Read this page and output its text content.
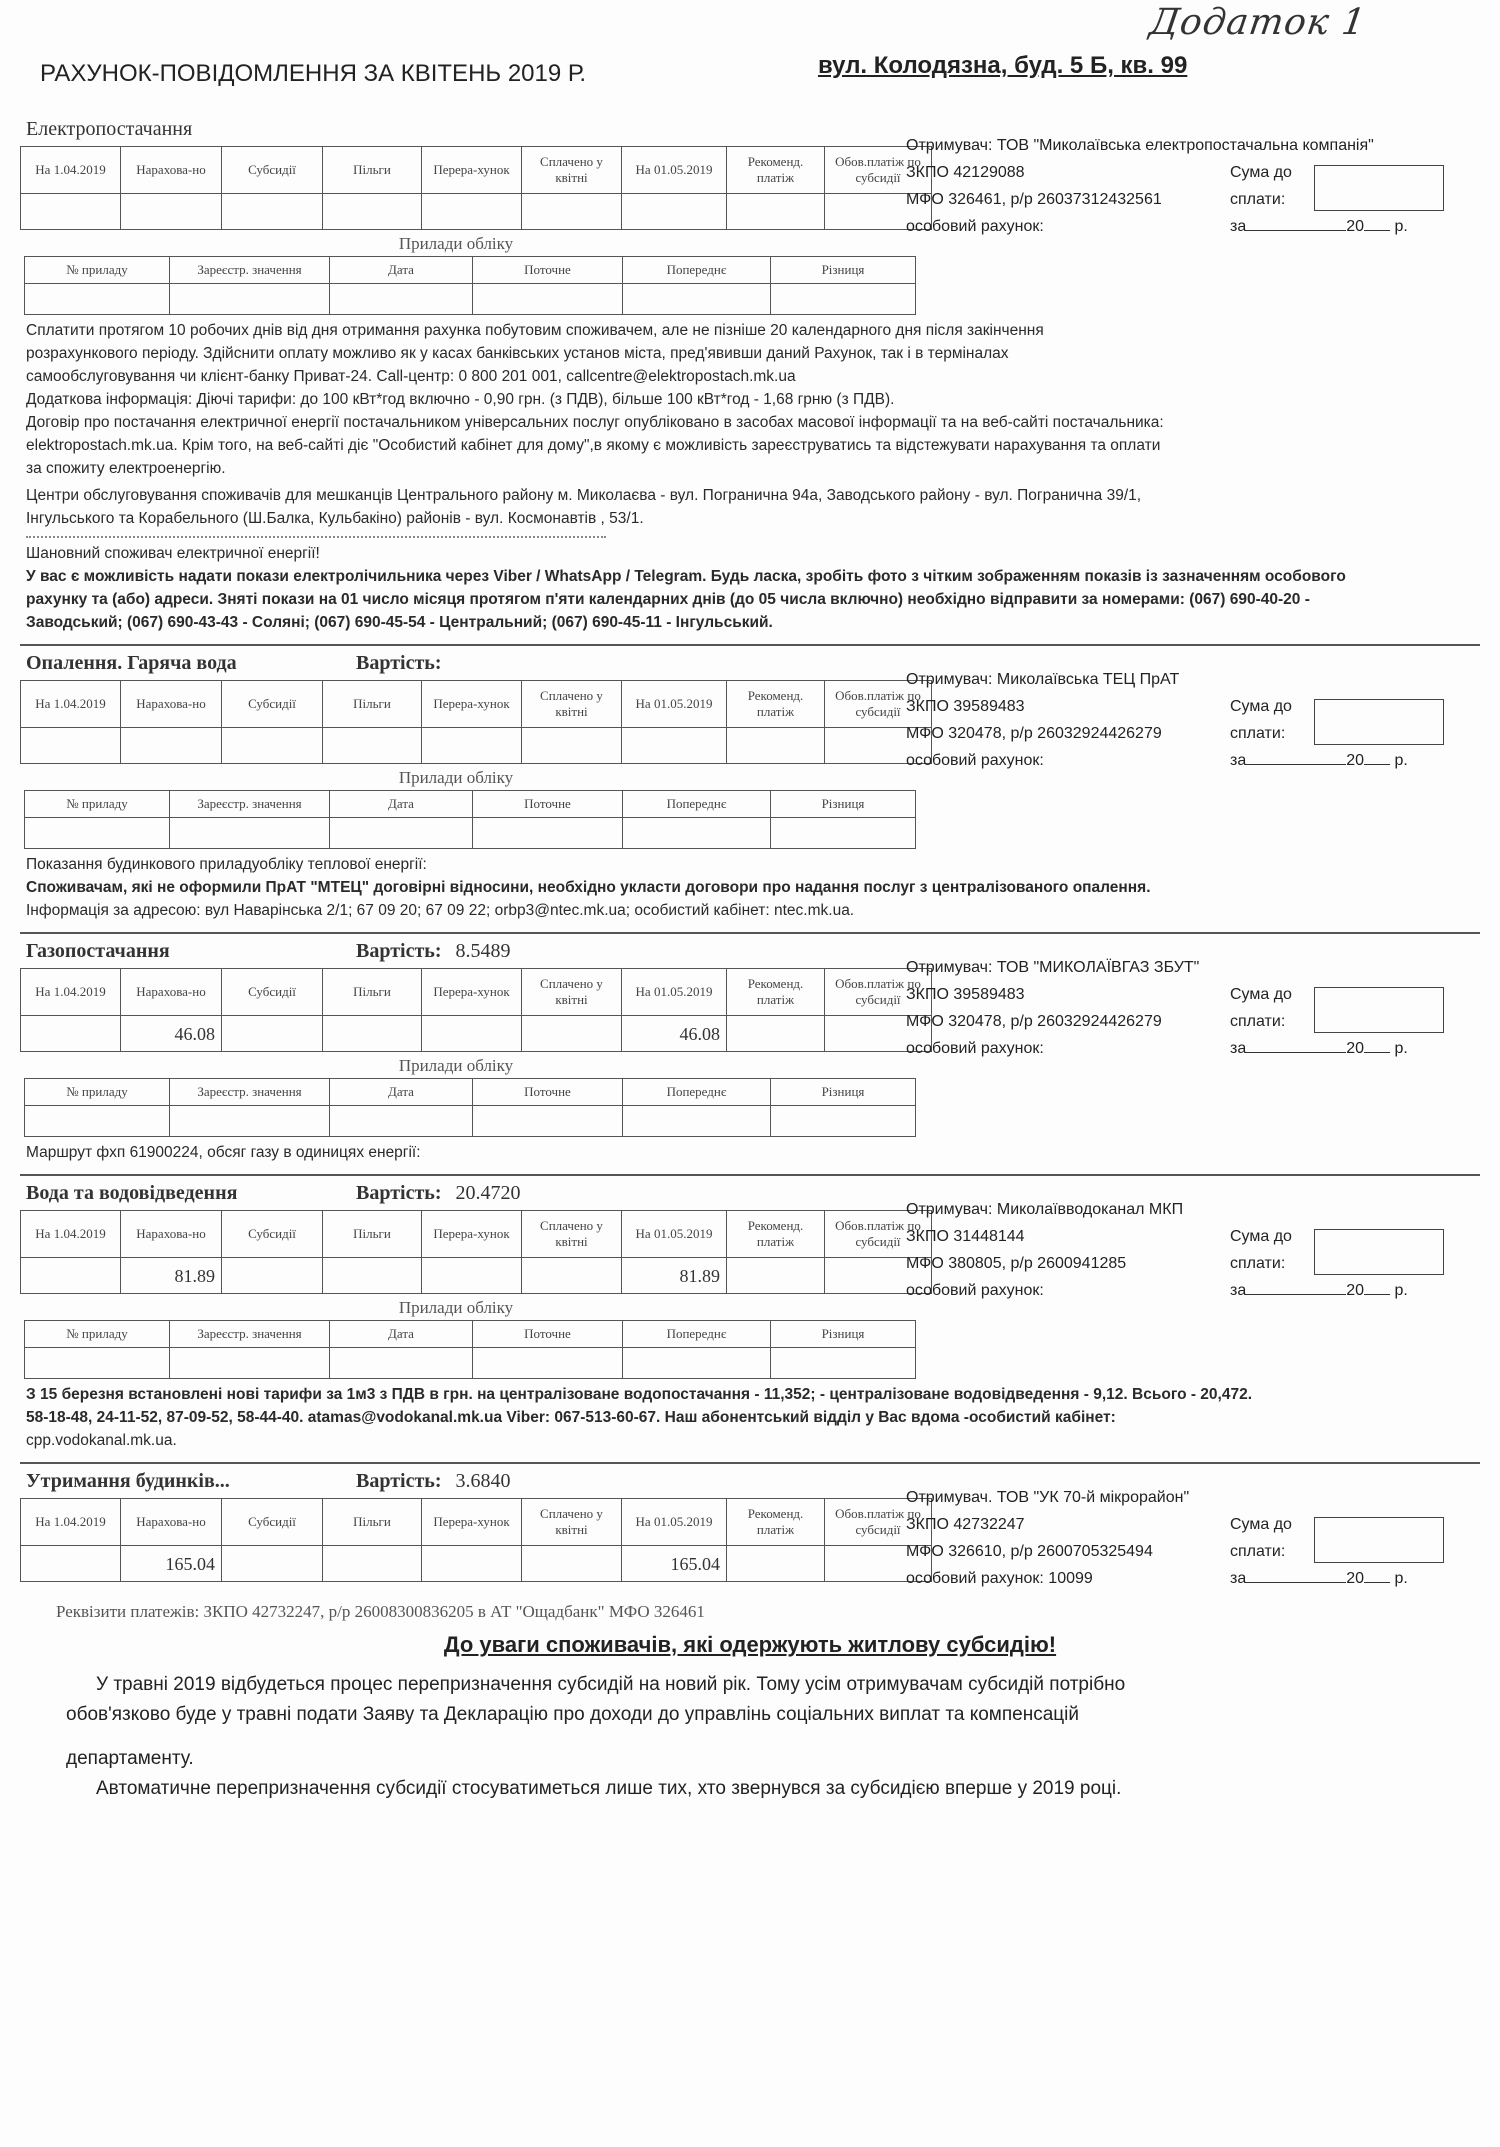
Додаток 1
РАХУНОК-ПОВІДОМЛЕННЯ ЗА КВІТЕНЬ 2019 Р.	вул. Колодязна, буд. 5 Б, кв. 99
Електропостачання
На 1.04.2019	Нарахова-но	Субсидії	Пільги	Перера-хунок	Сплачено у квітні	На 01.05.2019	Рекоменд. платіж	Обов.платіж по субсидії

Прилади обліку
№ приладу	Зареєстр. значення	Дата	Поточне	Попереднє	Різниця

Отримувач: ТОВ "Миколаївська електропостачальна компанія"
ЗКПО 42129088
МФО 326461, р/р 26037312432561
особовий рахунок:
Сума до
сплати:
за	20 р.

Сплатити протягом 10 робочих днів від дня отримання рахунка побутовим споживачем, але не пізніше 20 календарного дня після закінчення

розрахункового періоду. Здійснити оплату можливо як у касах банківських установ міста, пред'явивши даний Рахунок, так і в терміналах

самообслуговування чи клієнт-банку Приват-24. Call-центр: 0 800 201 001, callcentre@elektropostach.mk.ua

Додаткова інформація: Діючі тарифи: до 100 кВт*год включно - 0,90 грн. (з ПДВ), більше 100 кВт*год - 1,68 грню (з ПДВ).

Договір про постачання електричної енергії постачальником універсальних послуг опубліковано в засобах масової інформації та на веб-сайті постачальника:

elektropostach.mk.ua. Крім того, на веб-сайті діє "Особистий кабінет для дому",в якому є можливість зареєструватись та відстежувати нарахування та оплати

за спожиту електроенергію.

Центри обслуговування споживачів для мешканців Центрального району м. Миколаєва - вул. Погранична 94а, Заводського району - вул. Погранична 39/1,

Інгульського та Корабельного (Ш.Балка, Кульбакіно) районів - вул. Космонавтів , 53/1.

Шановний споживач електричної енергії!

У вас є можливість надати покази електролічильника через Viber / WhatsApp / Telegram. Будь ласка, зробіть фото з чітким зображенням показів із зазначенням особового

рахунку та (або) адреси. Зняті покази на 01 число місяця протягом п'яти календарних днів (до 05 числа включно) необхідно відправити за номерами: (067) 690-40-20 -

Заводський; (067) 690-43-43 - Соляні; (067) 690-45-54 - Центральний; (067) 690-45-11 - Інгульський.

Опалення. Гаряча вода	Вартість:
На 1.04.2019	Нарахова-но	Субсидії	Пільги	Перера-хунок	Сплачено у квітні	На 01.05.2019	Рекоменд. платіж	Обов.платіж по субсидії

Прилади обліку
№ приладу	Зареєстр. значення	Дата	Поточне	Попереднє	Різниця

Отримувач: Миколаївська ТЕЦ ПрАТ
ЗКПО 39589483
МФО 320478, р/р 26032924426279
особовий рахунок:
Сума до
сплати:
за	20 р.

Показання будинкового приладуобліку теплової енергії:

Споживачам, які не оформили ПрАТ "МТЕЦ" договірні відносини, необхідно укласти договори про надання послуг з централізованого опалення.

Інформація за адресою: вул Наварінська 2/1; 67 09 20; 67 09 22; orbp3@ntec.mk.ua; особистий кабінет: ntec.mk.ua.

Газопостачання	Вартість: 8.5489
На 1.04.2019	Нарахова-но	Субсидії	Пільги	Перера-хунок	Сплачено у квітні	На 01.05.2019	Рекоменд. платіж	Обов.платіж по субсидії
	46.08					46.08		
Прилади обліку
№ приладу	Зареєстр. значення	Дата	Поточне	Попереднє	Різниця

Отримувач: ТОВ "МИКОЛАЇВГАЗ ЗБУТ"
ЗКПО 39589483
МФО 320478, р/р 26032924426279
особовий рахунок:
Сума до
сплати:
за	20 р.

Маршрут фхп 61900224, обсяг газу в одиницях енергії:

Вода та водовідведення	Вартість: 20.4720
На 1.04.2019	Нарахова-но	Субсидії	Пільги	Перера-хунок	Сплачено у квітні	На 01.05.2019	Рекоменд. платіж	Обов.платіж по субсидії
	81.89					81.89		
Прилади обліку
№ приладу	Зареєстр. значення	Дата	Поточне	Попереднє	Різниця

Отримувач: Миколаївводоканал МКП
ЗКПО 31448144
МФО 380805, р/р 2600941285
особовий рахунок:
Сума до
сплати:
за	20 р.

З 15 березня встановлені нові тарифи за 1м3 з ПДВ в грн. на централізоване водопостачання - 11,352; - централізоване водовідведення - 9,12. Всього - 20,472.

58-18-48, 24-11-52, 87-09-52, 58-44-40. atamas@vodokanal.mk.ua Viber: 067-513-60-67. Наш абонентський відділ у Вас вдома -особистий кабінет:

cpp.vodokanal.mk.ua.

Утримання будинків...	Вартість: 3.6840
На 1.04.2019	Нарахова-но	Субсидії	Пільги	Перера-хунок	Сплачено у квітні	На 01.05.2019	Рекоменд. платіж	Обов.платіж по субсидії
	165.04					165.04		
Отримувач. ТОВ "УК 70-й мікрорайон"
ЗКПО 42732247
МФО 326610, р/р 2600705325494
особовий рахунок: 10099
Сума до
сплати:
за	20 р.
Реквізити платежів: ЗКПО 42732247, р/р 26008300836205 в АТ "Ощадбанк" МФО 326461
До уваги споживачів, які одержують житлову субсидію!
У травні 2019 відбудеться процес перепризначення субсидій на новий рік. Тому усім отримувачам субсидій потрібно
обов'язково буде у травні подати Заяву та Декларацію про доходи до управлінь соціальних виплат та компенсацій
департаменту.
Автоматичне перепризначення субсидії стосуватиметься лише тих, хто звернувся за субсидією вперше у 2019 році.
